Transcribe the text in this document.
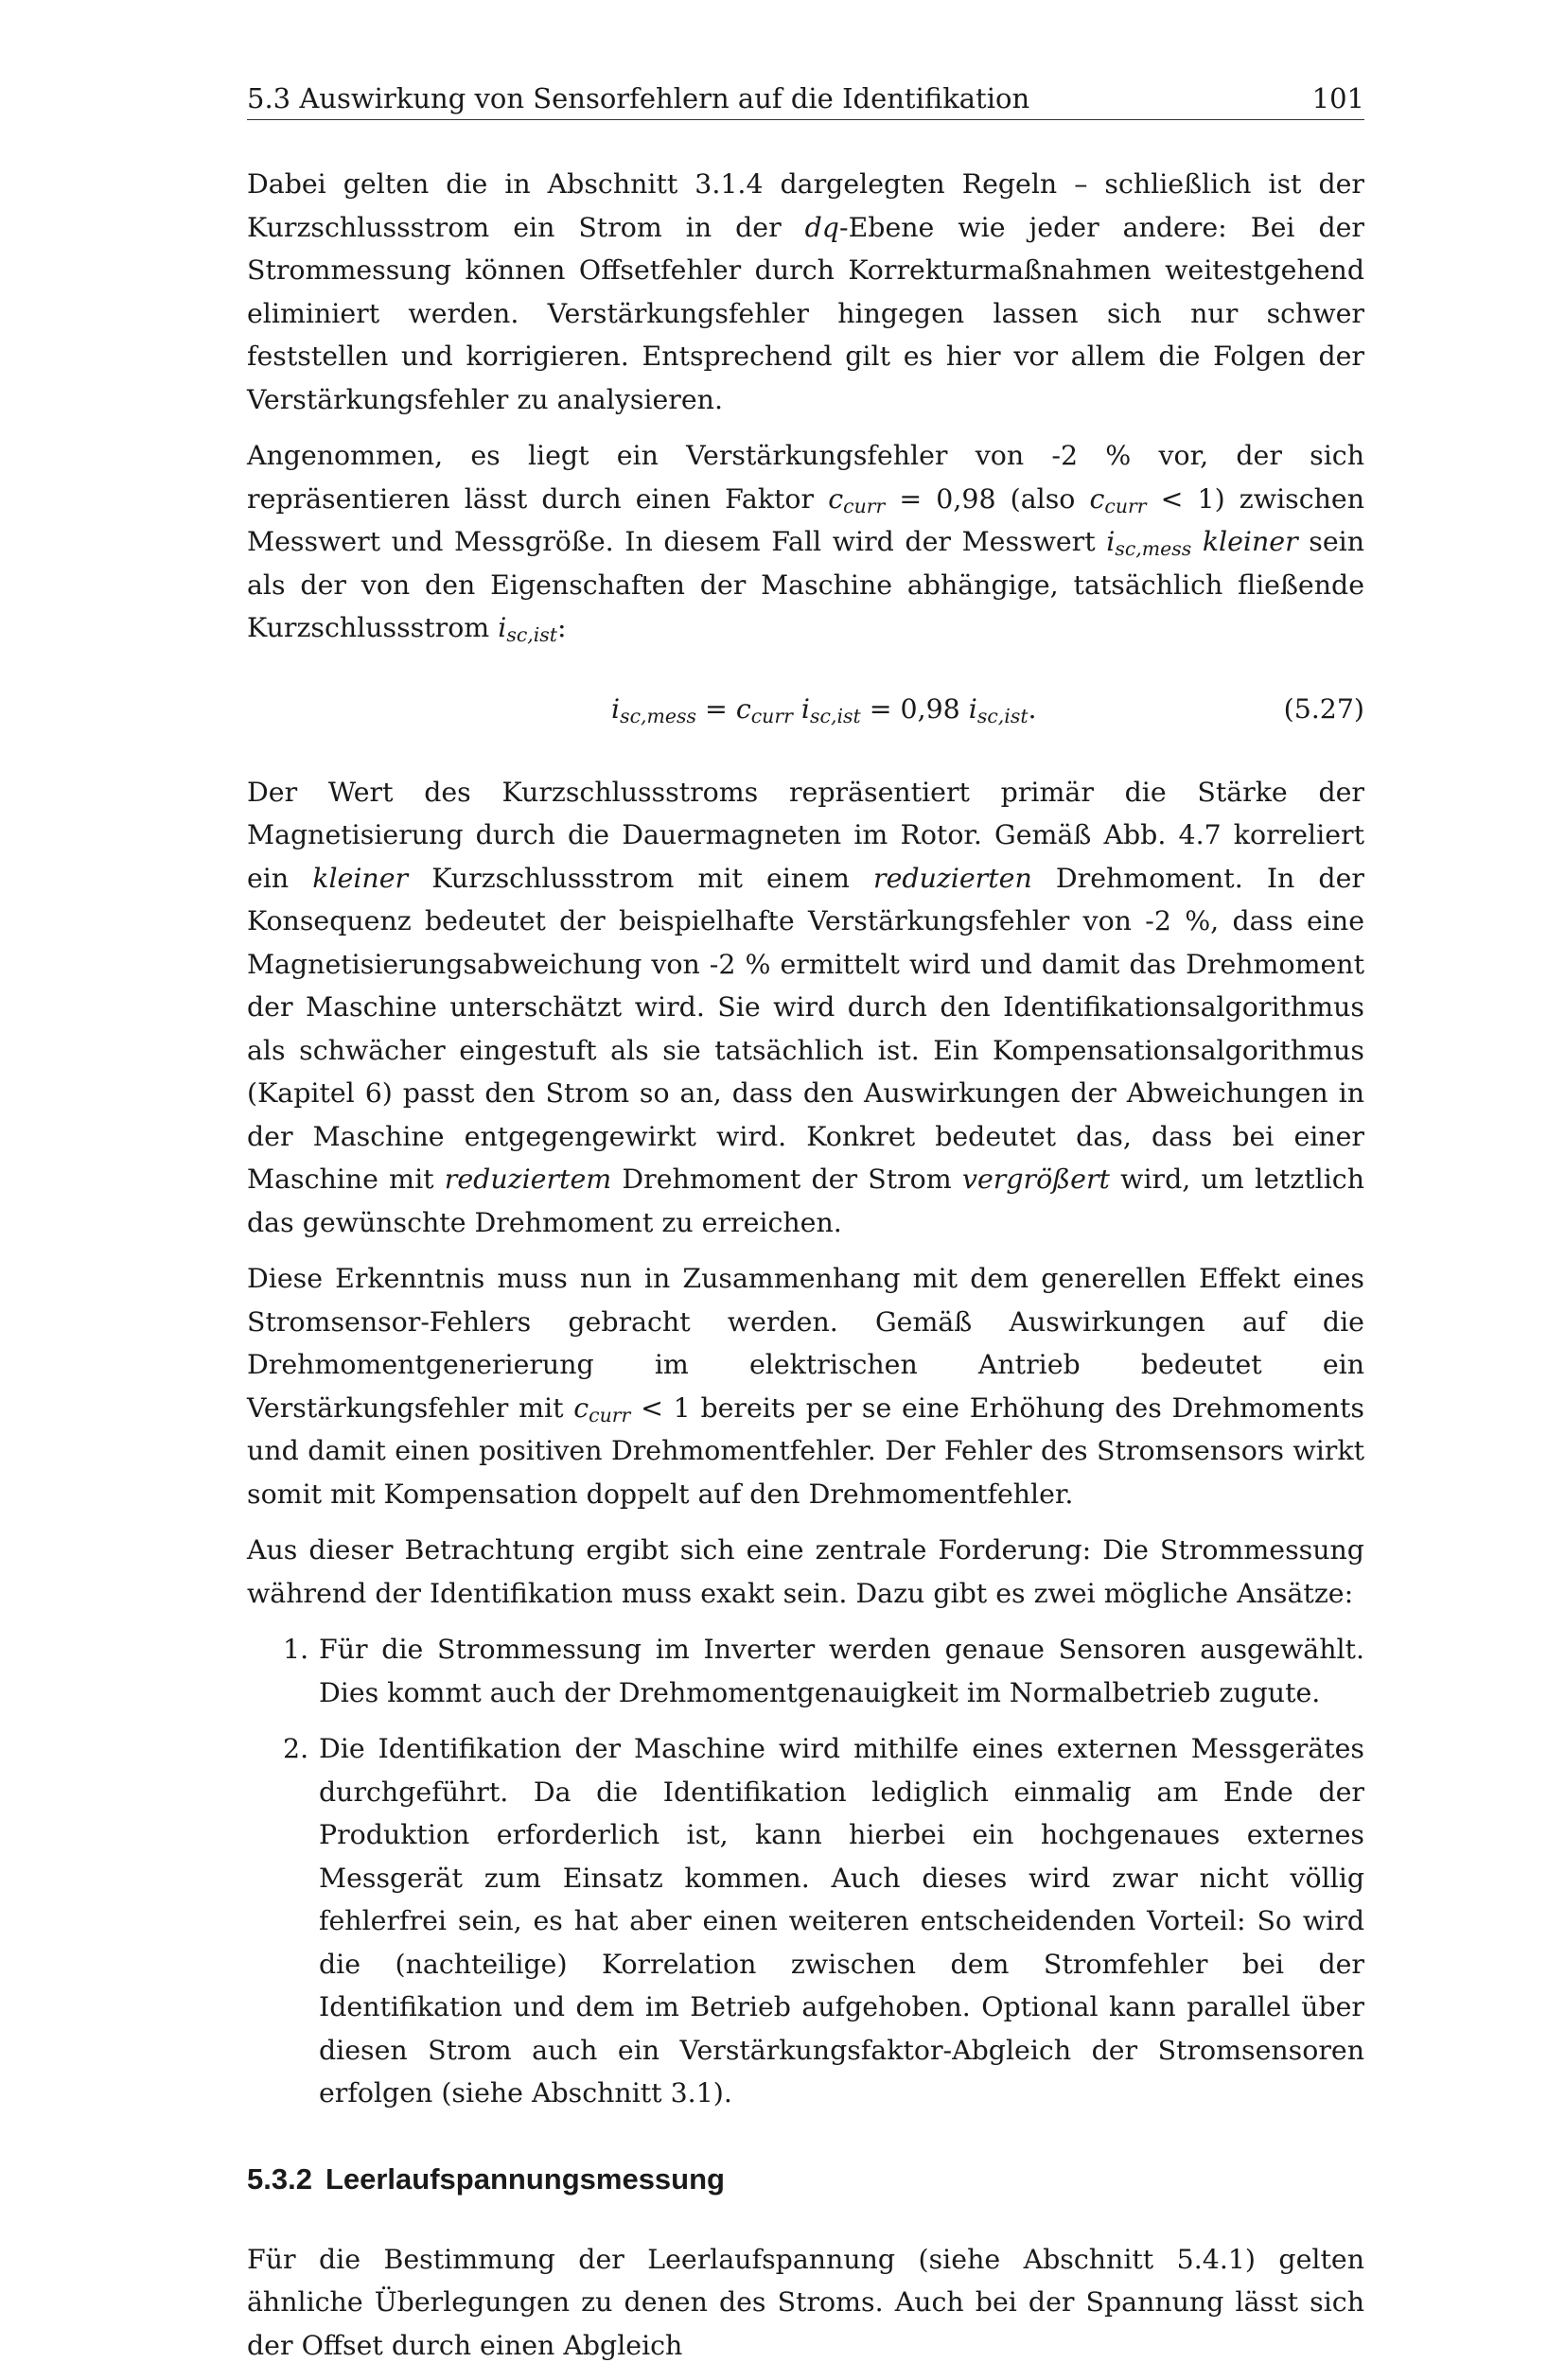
5.3 Auswirkung von Sensorfehlern auf die Identifikation	101

Dabei gelten die in Abschnitt 3.1.4 dargelegten Regeln – schließlich ist der Kurzschlussstrom ein Strom in der dq-Ebene wie jeder andere: Bei der Strommessung können Offsetfehler durch Korrekturmaßnahmen weitestgehend eliminiert werden. Verstärkungsfehler hingegen lassen sich nur schwer feststellen und korrigieren. Entsprechend gilt es hier vor allem die Folgen der Verstärkungsfehler zu analysieren.

Angenommen, es liegt ein Verstärkungsfehler von -2 % vor, der sich repräsentieren lässt durch einen Faktor $c_{curr} = 0,98$ (also $c_{curr} < 1$) zwischen Messwert und Messgröße. In diesem Fall wird der Messwert $i_{sc,mess}$ kleiner sein als der von den Eigenschaften der Maschine abhängige, tatsächlich fließende Kurzschlussstrom $i_{sc,ist}$:

$i_{sc,mess} = c_{curr}$ $i_{sc,ist} = 0,98$ $i_{sc,ist}$.	(5.27)

Der Wert des Kurzschlussstroms repräsentiert primär die Stärke der Magnetisierung durch die Dauermagneten im Rotor. Gemäß Abb. 4.7 korreliert ein kleiner Kurzschlussstrom mit einem reduzierten Drehmoment. In der Konsequenz bedeutet der beispielhafte Verstärkungsfehler von -2 %, dass eine Magnetisierungsabweichung von -2 % ermittelt wird und damit das Drehmoment der Maschine unterschätzt wird. Sie wird durch den Identifikationsalgorithmus als schwächer eingestuft als sie tatsächlich ist. Ein Kompensationsalgorithmus (Kapitel 6) passt den Strom so an, dass den Auswirkungen der Abweichungen in der Maschine entgegengewirkt wird. Konkret bedeutet das, dass bei einer Maschine mit reduziertem Drehmoment der Strom vergrößert wird, um letztlich das gewünschte Drehmoment zu erreichen.

Diese Erkenntnis muss nun in Zusammenhang mit dem generellen Effekt eines Stromsensor-Fehlers gebracht werden. Gemäß Auswirkungen auf die Drehmomentgenerierung im elektrischen Antrieb bedeutet ein Verstärkungsfehler mit $c_{curr} < 1$ bereits per se eine Erhöhung des Drehmoments und damit einen positiven Drehmomentfehler. Der Fehler des Stromsensors wirkt somit mit Kompensation doppelt auf den Drehmomentfehler.

Aus dieser Betrachtung ergibt sich eine zentrale Forderung: Die Strommessung während der Identifikation muss exakt sein. Dazu gibt es zwei mögliche Ansätze:

1. Für die Strommessung im Inverter werden genaue Sensoren ausgewählt. Dies kommt auch der Drehmomentgenauigkeit im Normalbetrieb zugute.

2. Die Identifikation der Maschine wird mithilfe eines externen Messgerätes durchgeführt. Da die Identifikation lediglich einmalig am Ende der Produktion erforderlich ist, kann hierbei ein hochgenaues externes Messgerät zum Einsatz kommen. Auch dieses wird zwar nicht völlig fehlerfrei sein, es hat aber einen weiteren entscheidenden Vorteil: So wird die (nachteilige) Korrelation zwischen dem Stromfehler bei der Identifikation und dem im Betrieb aufgehoben. Optional kann parallel über diesen Strom auch ein Verstärkungsfaktor-Abgleich der Stromsensoren erfolgen (siehe Abschnitt 3.1).

5.3.2 Leerlaufspannungsmessung

Für die Bestimmung der Leerlaufspannung (siehe Abschnitt 5.4.1) gelten ähnliche Überlegungen zu denen des Stroms. Auch bei der Spannung lässt sich der Offset durch einen Abgleich
